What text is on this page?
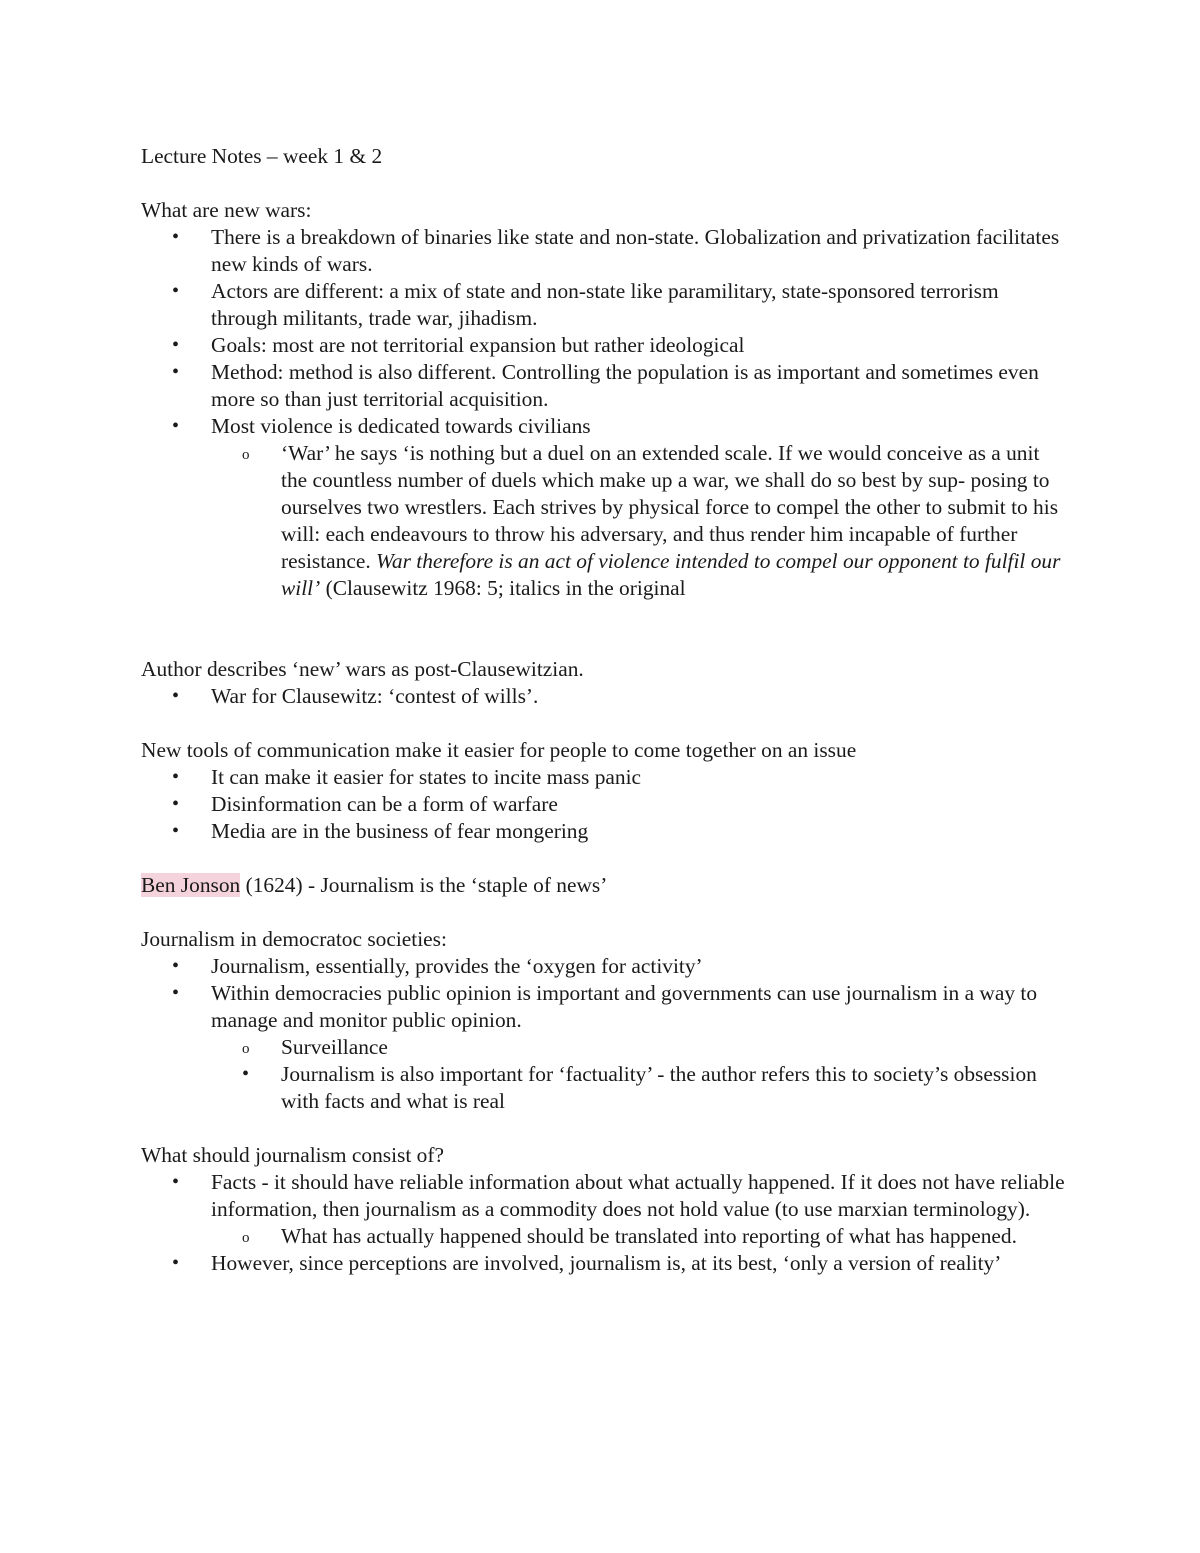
Lecture Notes – week 1 & 2

What are new wars:

• There is a breakdown of binaries like state and non-state. Globalization and privatization facilitates new kinds of wars.
• Actors are different: a mix of state and non-state like paramilitary, state-sponsored terrorism through militants, trade war, jihadism.
• Goals: most are not territorial expansion but rather ideological
• Method: method is also different. Controlling the population is as important and sometimes even more so than just territorial acquisition.
• Most violence is dedicated towards civilians
o ‘War’ he says ‘is nothing but a duel on an extended scale. If we would conceive as a unit the countless number of duels which make up a war, we shall do so best by sup- posing to ourselves two wrestlers. Each strives by physical force to compel the other to submit to his will: each endeavours to throw his adversary, and thus render him incapable of further resistance. War therefore is an act of violence intended to compel our opponent to fulfil our will’ (Clausewitz 1968: 5; italics in the original

Author describes ‘new’ wars as post-Clausewitzian.

• War for Clausewitz: ‘contest of wills’.

New tools of communication make it easier for people to come together on an issue

• It can make it easier for states to incite mass panic
• Disinformation can be a form of warfare
• Media are in the business of fear mongering

Ben Jonson (1624) - Journalism is the ‘staple of news’

Journalism in democratoc societies:

• Journalism, essentially, provides the ‘oxygen for activity’
• Within democracies public opinion is important and governments can use journalism in a way to manage and monitor public opinion.
o Surveillance
• Journalism is also important for ‘factuality’ - the author refers this to society’s obsession with facts and what is real

What should journalism consist of?

• Facts - it should have reliable information about what actually happened. If it does not have reliable information, then journalism as a commodity does not hold value (to use marxian terminology).
o What has actually happened should be translated into reporting of what has happened.
• However, since perceptions are involved, journalism is, at its best, ‘only a version of reality’
